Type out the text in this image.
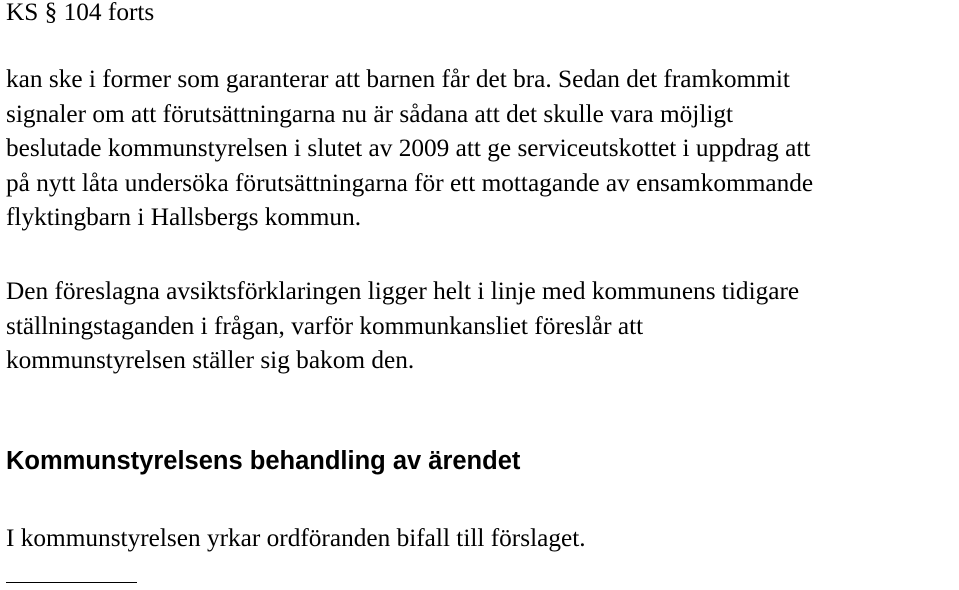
KS § 104 forts
kan ske i former som garanterar att barnen får det bra. Sedan det framkommit
signaler om att förutsättningarna nu är sådana att det skulle vara möjligt
beslutade kommunstyrelsen i slutet av 2009 att ge serviceutskottet i uppdrag att
på nytt låta undersöka förutsättningarna för ett mottagande av ensamkommande
flyktingbarn i Hallsbergs kommun.
Den föreslagna avsiktsförklaringen ligger helt i linje med kommunens tidigare
ställningstaganden i frågan, varför kommunkansliet föreslår att
kommunstyrelsen ställer sig bakom den.
Kommunstyrelsens behandling av ärendet
I kommunstyrelsen yrkar ordföranden bifall till förslaget.
